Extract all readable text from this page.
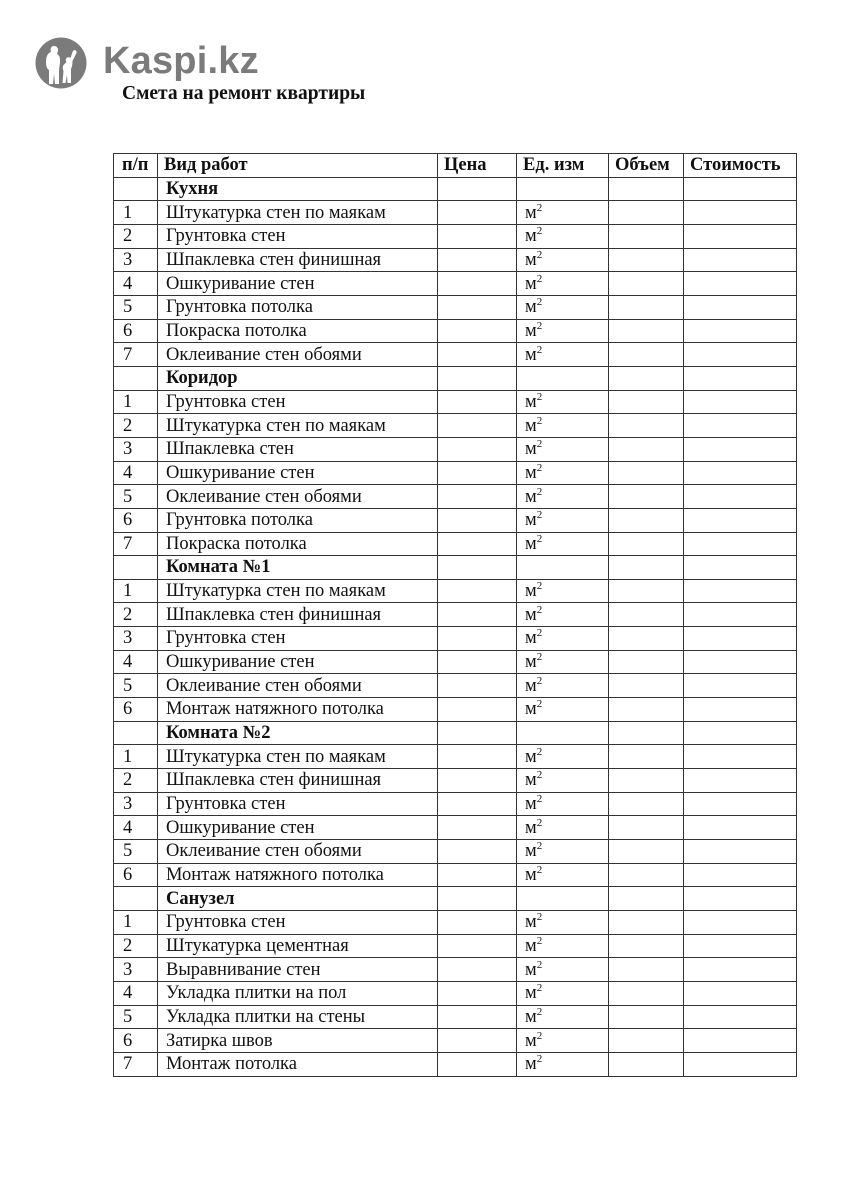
Kaspi.kz
Смета на ремонт квартиры
п/п	Вид работ	Цена	Ед. изм	Объем	Стоимость
	Кухня				
1	Штукатурка стен по маякам		$м^2$		
2	Грунтовка стен		$м^2$		
3	Шпаклевка стен финишная		$м^2$		
4	Ошкуривание стен		$м^2$		
5	Грунтовка потолка		$м^2$		
6	Покраска потолка		$м^2$		
7	Оклеивание стен обоями		$м^2$		
	Коридор				
1	Грунтовка стен		$м^2$		
2	Штукатурка стен по маякам		$м^2$		
3	Шпаклевка стен		$м^2$		
4	Ошкуривание стен		$м^2$		
5	Оклеивание стен обоями		$м^2$		
6	Грунтовка потолка		$м^2$		
7	Покраска потолка		$м^2$		
	Комната №1				
1	Штукатурка стен по маякам		$м^2$		
2	Шпаклевка стен финишная		$м^2$		
3	Грунтовка стен		$м^2$		
4	Ошкуривание стен		$м^2$		
5	Оклеивание стен обоями		$м^2$		
6	Монтаж натяжного потолка		$м^2$		
	Комната №2				
1	Штукатурка стен по маякам		$м^2$		
2	Шпаклевка стен финишная		$м^2$		
3	Грунтовка стен		$м^2$		
4	Ошкуривание стен		$м^2$		
5	Оклеивание стен обоями		$м^2$		
6	Монтаж натяжного потолка		$м^2$		
	Санузел				
1	Грунтовка стен		$м^2$		
2	Штукатурка цементная		$м^2$		
3	Выравнивание стен		$м^2$		
4	Укладка плитки на пол		$м^2$		
5	Укладка плитки на стены		$м^2$		
6	Затирка швов		$м^2$		
7	Монтаж потолка		$м^2$		
